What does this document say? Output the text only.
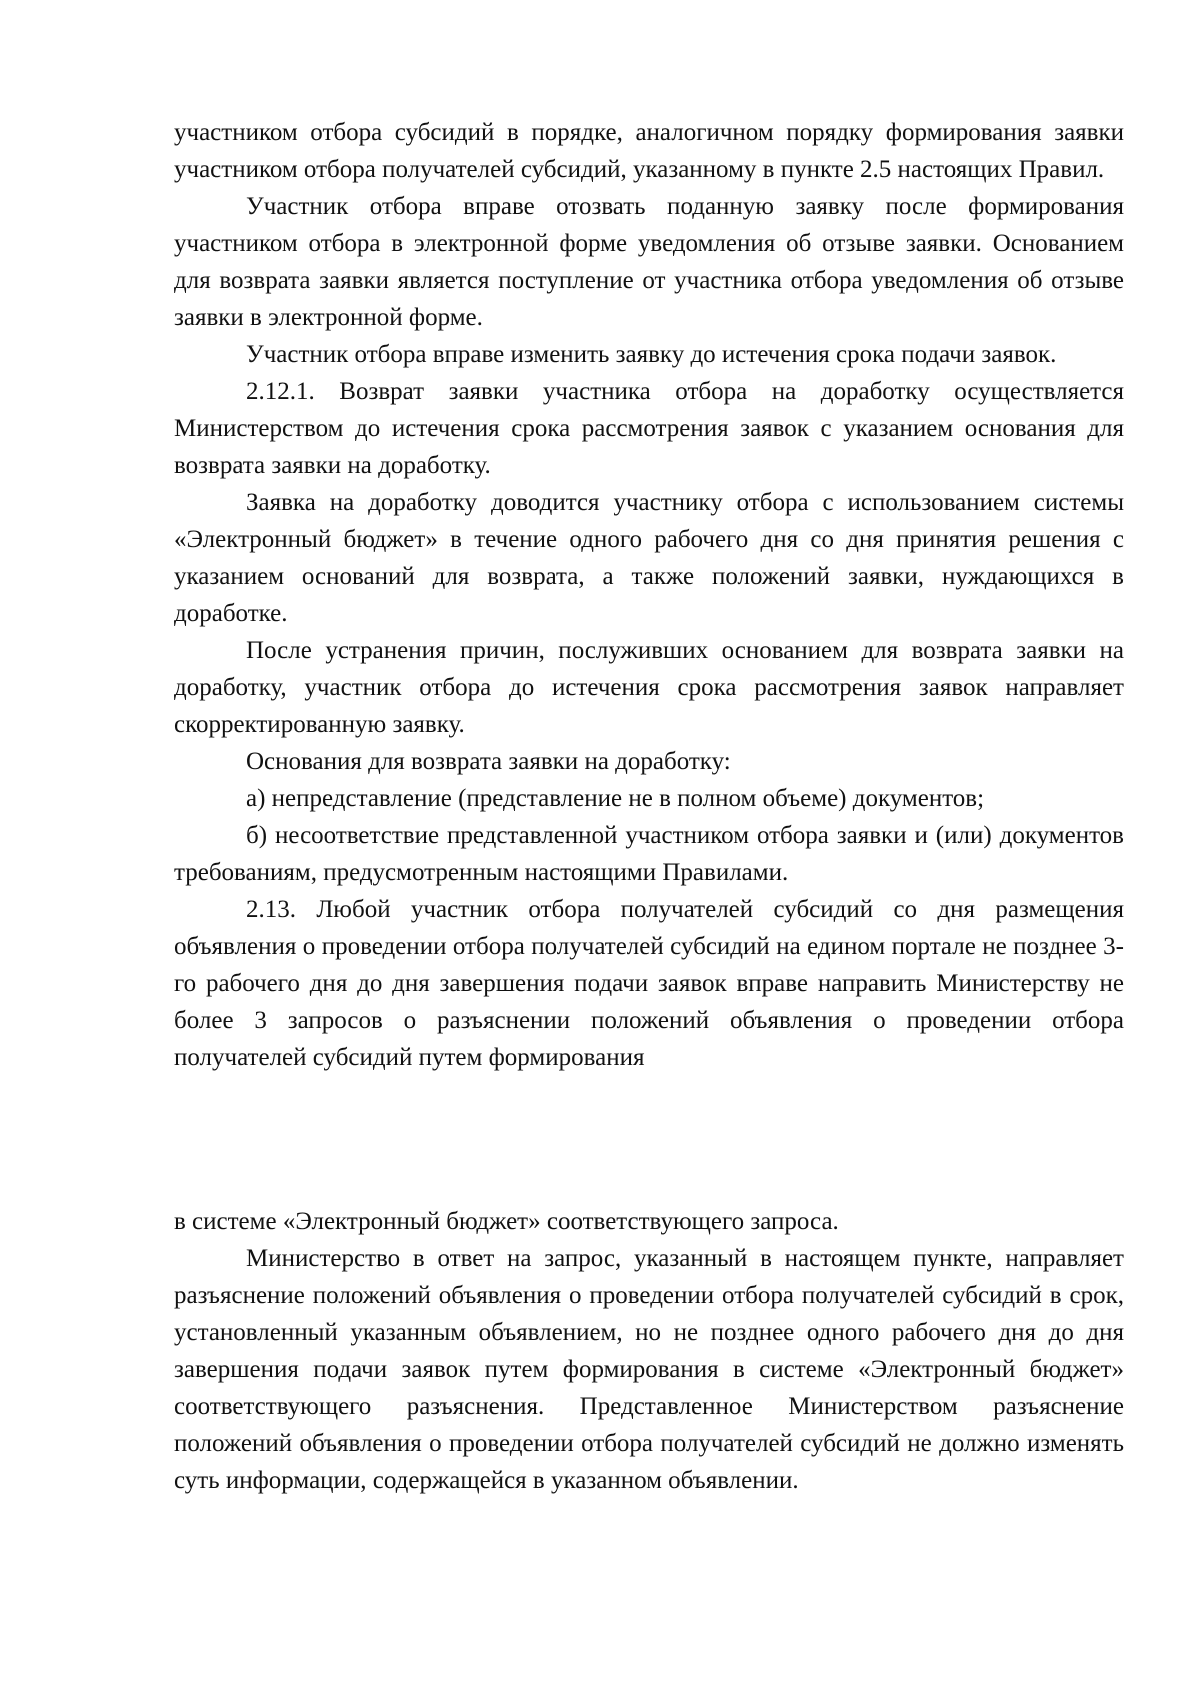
участником отбора субсидий в порядке, аналогичном порядку формирования заявки участником отбора получателей субсидий, указанному в пункте 2.5 настоящих Правил.

Участник отбора вправе отозвать поданную заявку после формирования участником отбора в электронной форме уведомления об отзыве заявки. Основанием для возврата заявки является поступление от участника отбора уведомления об отзыве заявки в электронной форме.

Участник отбора вправе изменить заявку до истечения срока подачи заявок.

2.12.1. Возврат заявки участника отбора на доработку осуществляется Министерством до истечения срока рассмотрения заявок с указанием основания для возврата заявки на доработку.

Заявка на доработку доводится участнику отбора с использованием системы «Электронный бюджет» в течение одного рабочего дня со дня принятия решения с указанием оснований для возврата, а также положений заявки, нуждающихся в доработке.

После устранения причин, послуживших основанием для возврата заявки на доработку, участник отбора до истечения срока рассмотрения заявок направляет скорректированную заявку.

Основания для возврата заявки на доработку:

а) непредставление (представление не в полном объеме) документов;

б) несоответствие представленной участником отбора заявки и (или) документов требованиям, предусмотренным настоящими Правилами.

2.13. Любой участник отбора получателей субсидий со дня размещения объявления о проведении отбора получателей субсидий на едином портале не позднее 3-го рабочего дня до дня завершения подачи заявок вправе направить Министерству не более 3 запросов о разъяснении положений объявления о проведении отбора получателей субсидий путем формирования

в системе «Электронный бюджет» соответствующего запроса.

Министерство в ответ на запрос, указанный в настоящем пункте, направляет разъяснение положений объявления о проведении отбора получателей субсидий в срок, установленный указанным объявлением, но не позднее одного рабочего дня до дня завершения подачи заявок путем формирования в системе «Электронный бюджет» соответствующего разъяснения. Представленное Министерством разъяснение положений объявления о проведении отбора получателей субсидий не должно изменять суть информации, содержащейся в указанном объявлении.
